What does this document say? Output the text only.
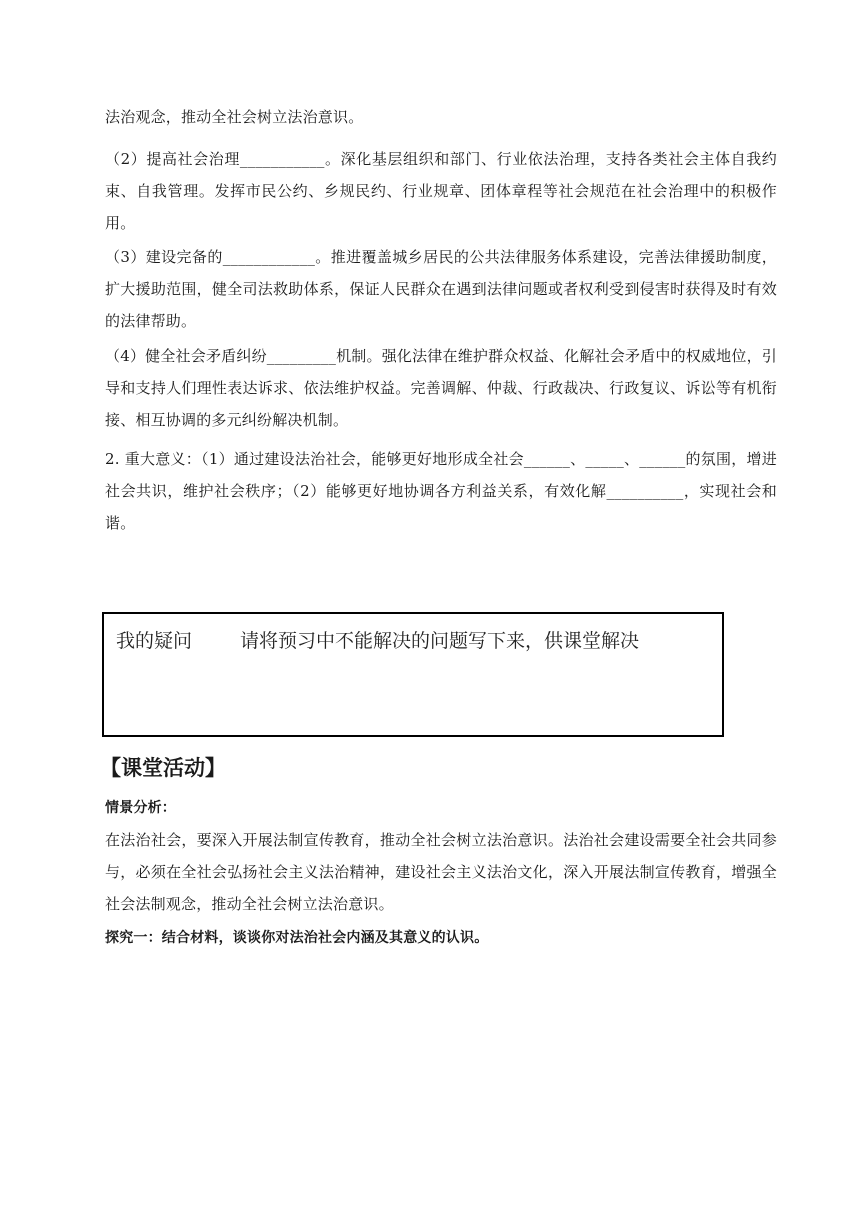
法治观念，推动全社会树立法治意识。

（2）提高社会治理___________。深化基层组织和部门、行业依法治理，支持各类社会主体自我约束、自我管理。发挥市民公约、乡规民约、行业规章、团体章程等社会规范在社会治理中的积极作用。

（3）建设完备的____________。推进覆盖城乡居民的公共法律服务体系建设，完善法律援助制度，扩大援助范围，健全司法救助体系，保证人民群众在遇到法律问题或者权利受到侵害时获得及时有效的法律帮助。

（4）健全社会矛盾纠纷_________机制。强化法律在维护群众权益、化解社会矛盾中的权威地位，引导和支持人们理性表达诉求、依法维护权益。完善调解、仲裁、行政裁决、行政复议、诉讼等有机衔接、相互协调的多元纠纷解决机制。

2. 重大意义：（1）通过建设法治社会，能够更好地形成全社会______、_____、______的氛围，增进社会共识，维护社会秩序；（2）能够更好地协调各方利益关系，有效化解__________，实现社会和谐。

我的疑问	请将预习中不能解决的问题写下来，供课堂解决
【课堂活动】

情景分析：

在法治社会，要深入开展法制宣传教育，推动全社会树立法治意识。法治社会建设需要全社会共同参与，必须在全社会弘扬社会主义法治精神，建设社会主义法治文化，深入开展法制宣传教育，增强全社会法制观念，推动全社会树立法治意识。

探究一：结合材料，谈谈你对法治社会内涵及其意义的认识。
